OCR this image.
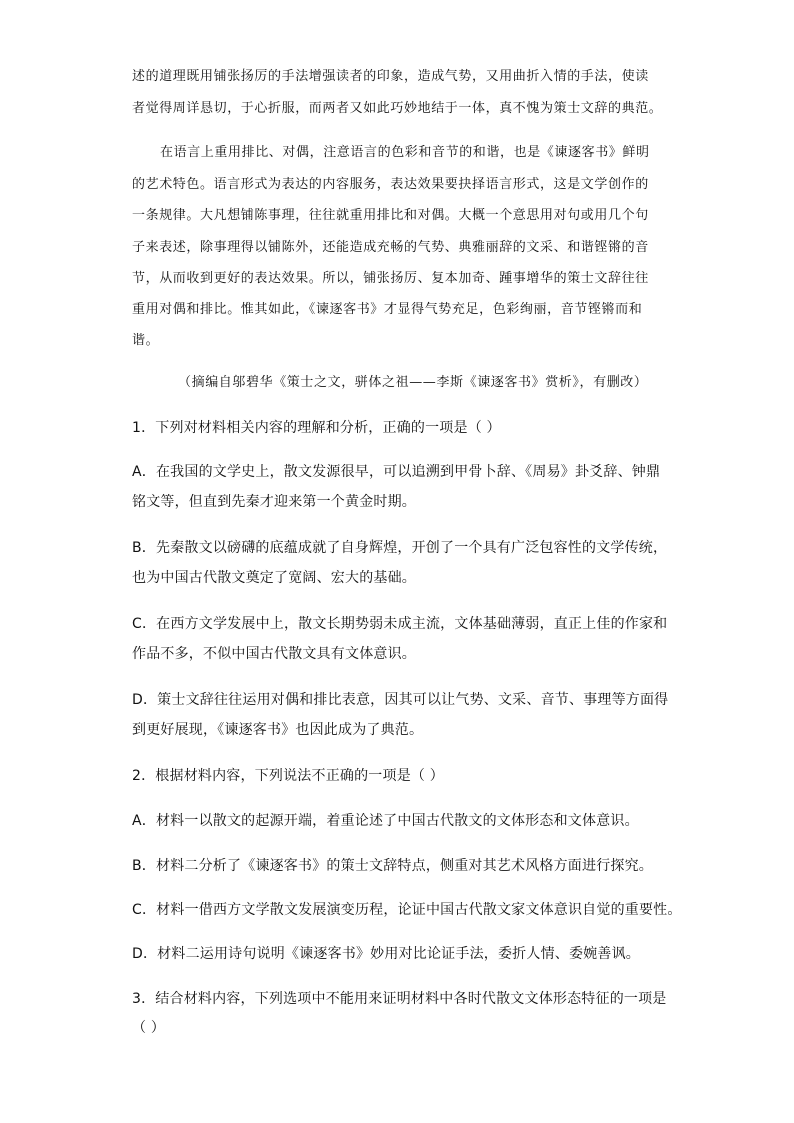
述的道理既用铺张扬厉的手法增强读者的印象，造成气势，又用曲折入情的手法，使读
者觉得周详恳切，于心折服，而两者又如此巧妙地结于一体，真不愧为策士文辞的典范。
在语言上重用排比、对偶，注意语言的色彩和音节的和谐，也是《谏逐客书》鲜明
的艺术特色。语言形式为表达的内容服务，表达效果要抉择语言形式，这是文学创作的
一条规律。大凡想铺陈事理，往往就重用排比和对偶。大概一个意思用对句或用几个句
子来表述，除事理得以铺陈外，还能造成充畅的气势、典雅丽辞的文采、和谐铿锵的音
节，从而收到更好的表达效果。所以，铺张扬厉、复本加奇、踵事增华的策士文辞往往
重用对偶和排比。惟其如此，《谏逐客书》才显得气势充足，色彩绚丽，音节铿锵而和
谐。
（摘编自邬碧华《策士之文，骈体之祖——李斯《谏逐客书》赏析》，有删改）
1．下列对材料相关内容的理解和分析，正确的一项是（ ）
A．在我国的文学史上，散文发源很早，可以追溯到甲骨卜辞、《周易》卦爻辞、钟鼎
铭文等，但直到先秦才迎来第一个黄金时期。
B．先秦散文以磅礴的底蕴成就了自身辉煌，开创了一个具有广泛包容性的文学传统，
也为中国古代散文奠定了宽阔、宏大的基础。
C．在西方文学发展中上，散文长期势弱未成主流，文体基础薄弱，直正上佳的作家和
作品不多，不似中国古代散文具有文体意识。
D．策士文辞往往运用对偶和排比表意，因其可以让气势、文采、音节、事理等方面得
到更好展现，《谏逐客书》也因此成为了典范。
2．根据材料内容，下列说法不正确的一项是（ ）
A．材料一以散文的起源开端，着重论述了中国古代散文的文体形态和文体意识。
B．材料二分析了《谏逐客书》的策士文辞特点，侧重对其艺术风格方面进行探究。
C．材料一借西方文学散文发展演变历程，论证中国古代散文家文体意识自觉的重要性。
D．材料二运用诗句说明《谏逐客书》妙用对比论证手法，委折人情、委婉善讽。
3．结合材料内容，下列选项中不能用来证明材料中各时代散文文体形态特征的一项是
（ ）
